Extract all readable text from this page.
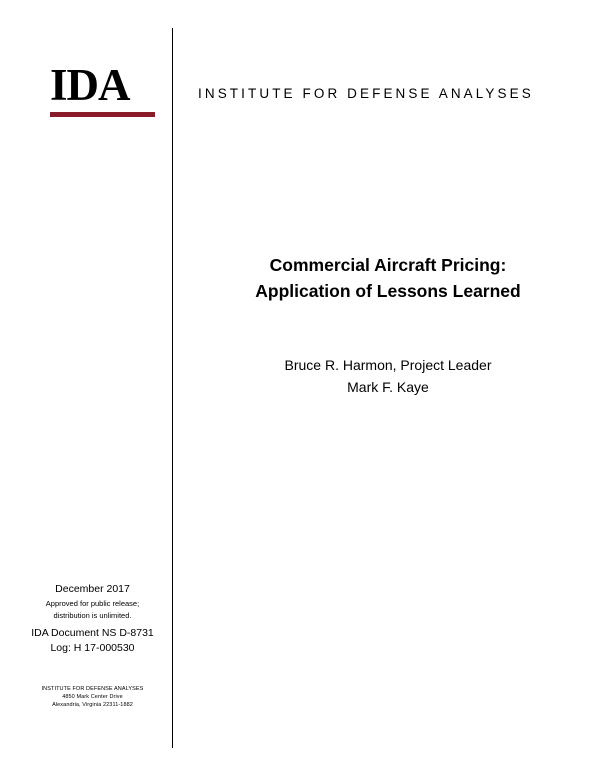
IDA	INSTITUTE FOR DEFENSE ANALYSES
Commercial Aircraft Pricing:
Application of Lessons Learned
Bruce R. Harmon, Project Leader
Mark F. Kaye
December 2017
Approved for public release;
distribution is unlimited.
IDA Document NS D-8731
Log: H 17-000530
INSTITUTE FOR DEFENSE ANALYSES
4850 Mark Center Drive
Alexandria, Virginia 22311-1882
